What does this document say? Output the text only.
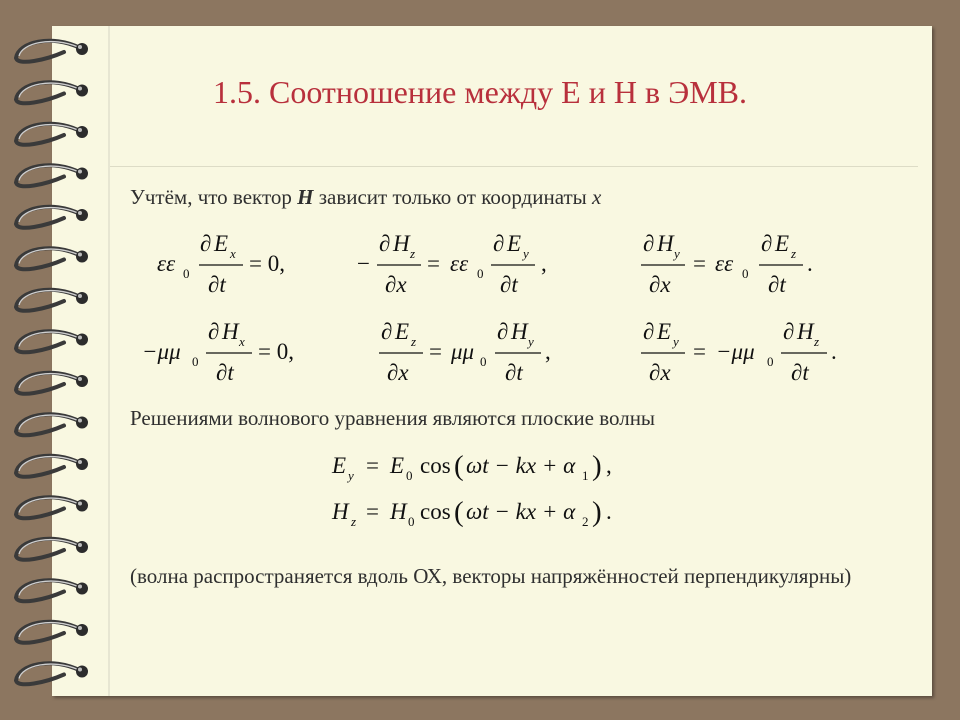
1.5. Соотношение между Е и Н в ЭМВ.
Учтём, что вектор H зависит только от координаты x
εε 0
∂ E x
∂t
= 0,	−
∂ H z
∂x
= εε 0
∂ E y
∂t
,
∂ H y
∂x
= εε 0
∂ E z
∂t
.
−μμ 0
∂ H x
∂t
= 0,
∂ E z
∂x
= μμ 0
∂ H y
∂t
,
∂ E y
∂x
= −μμ 0
∂ H z
∂t
.
Решениями волнового уравнения являются плоские волны
E y = E 0 cos ( ωt − kx + α 1 ) ,
H z = H 0 cos ( ωt − kx + α 2 ) .
(волна распространяется вдоль ОХ, векторы напряжённостей перпендикулярны)
